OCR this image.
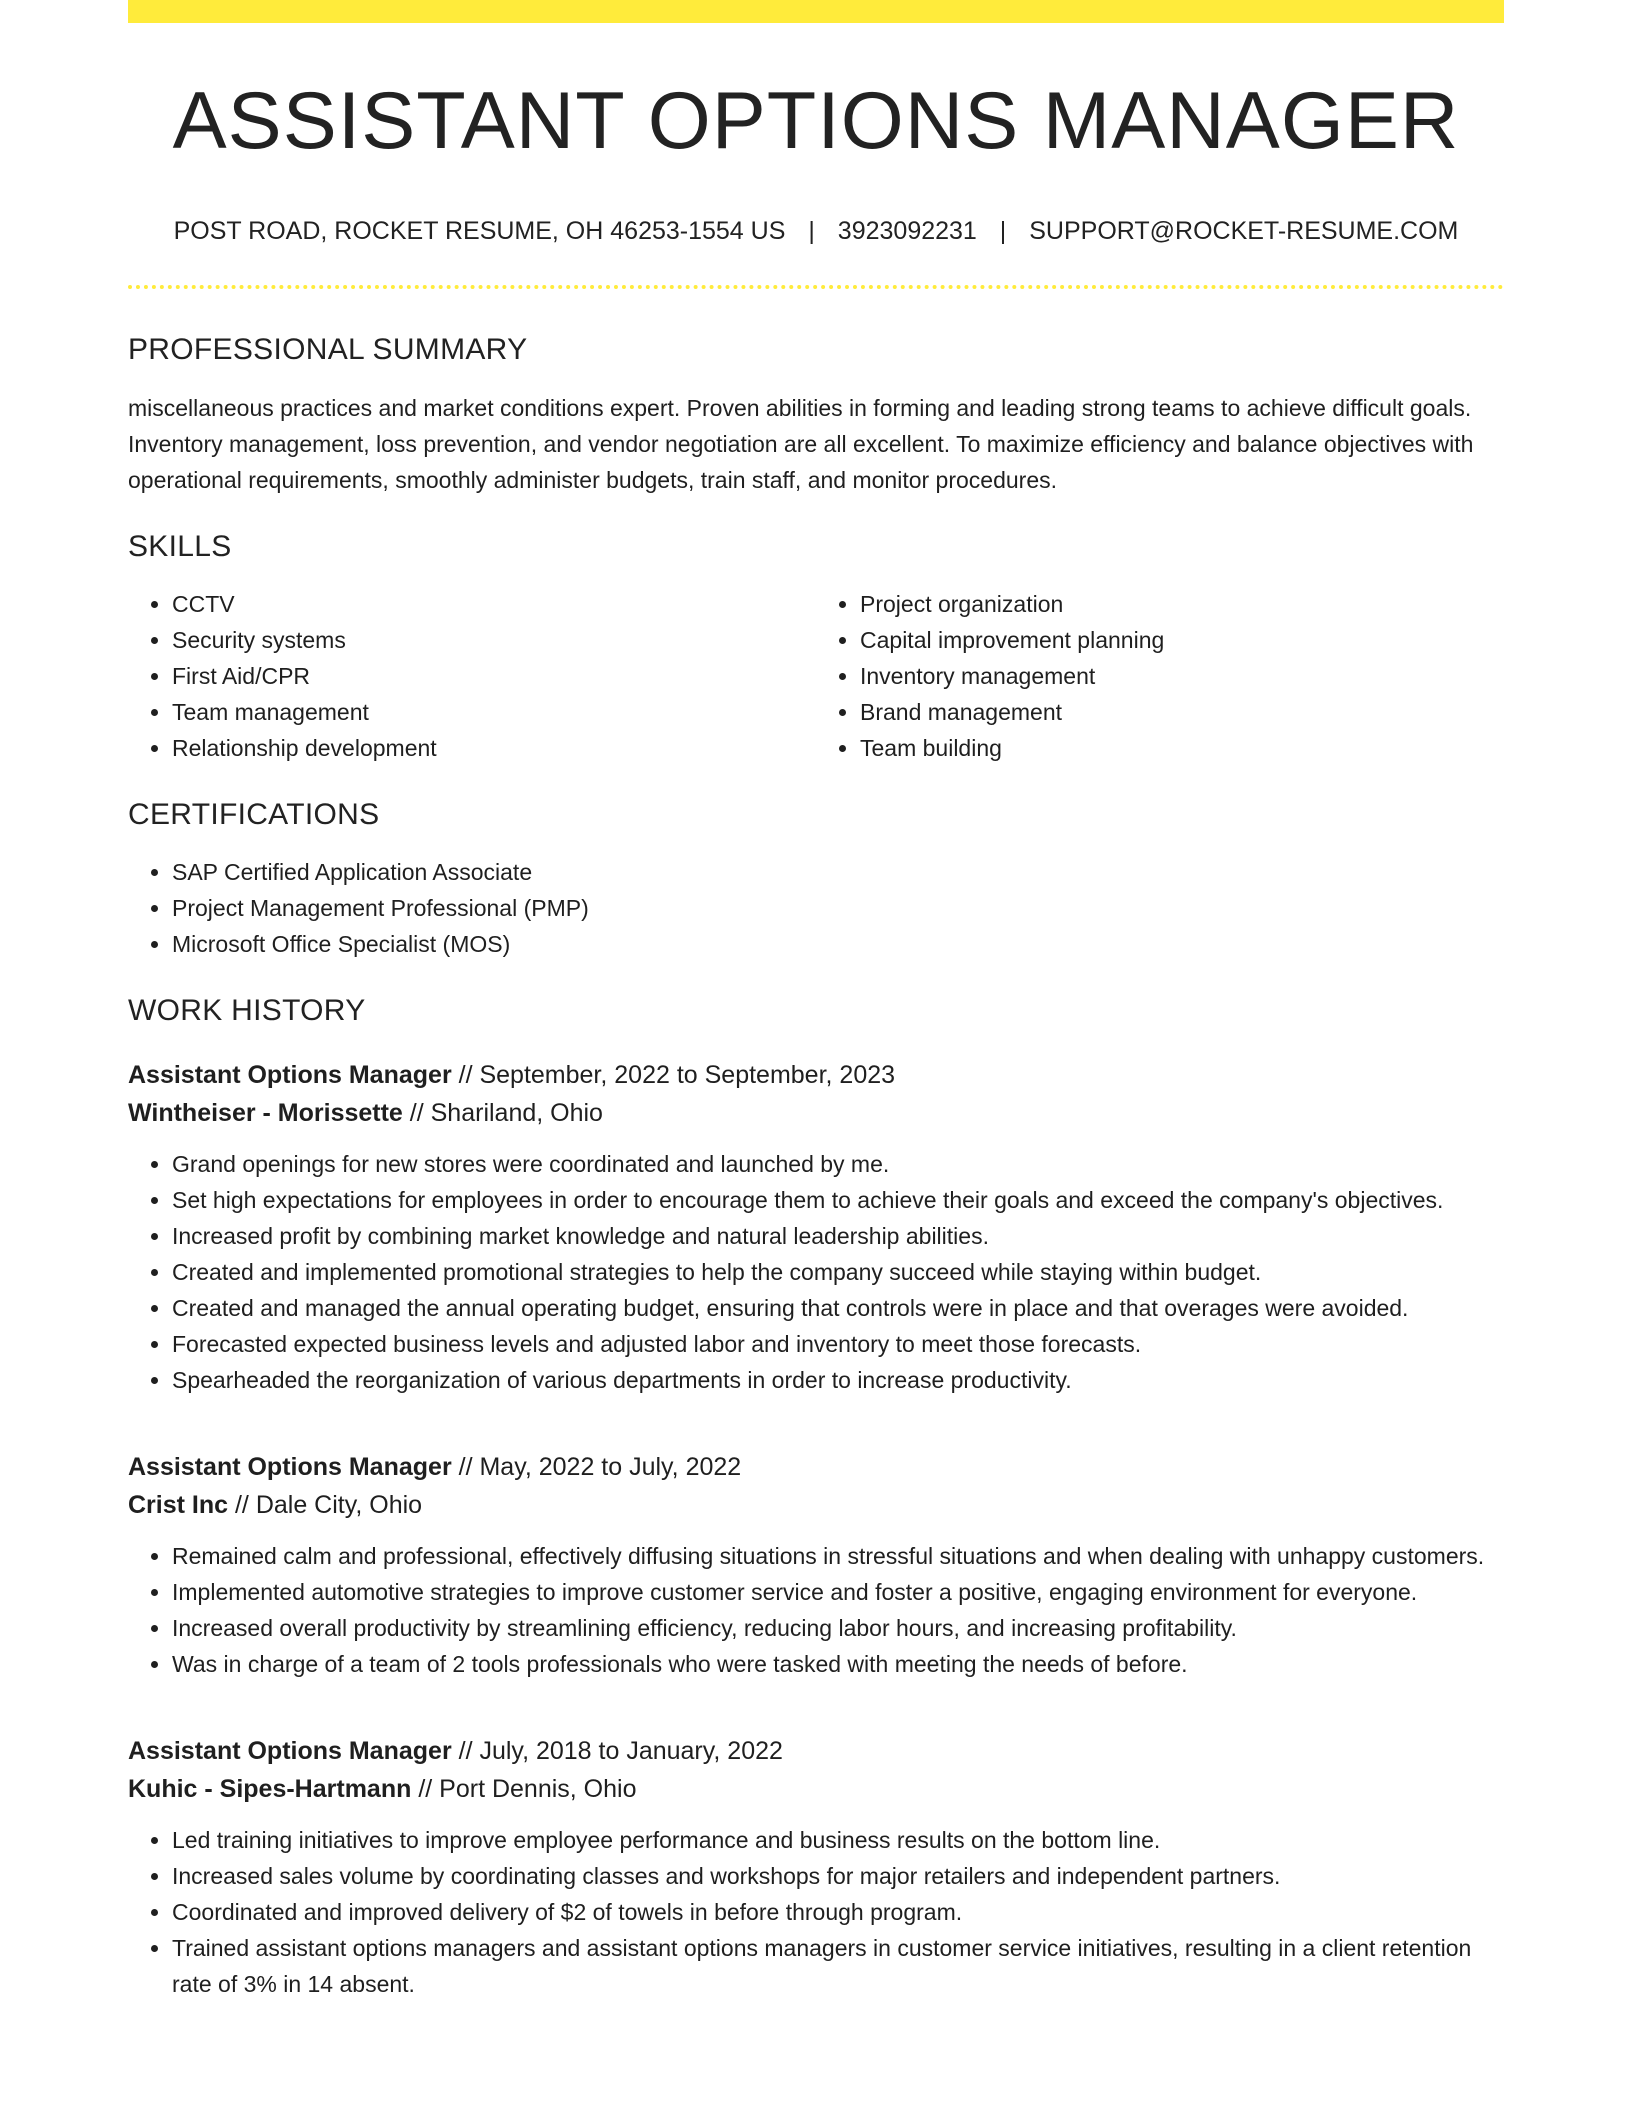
ASSISTANT OPTIONS MANAGER
POST ROAD, ROCKET RESUME, OH 46253-1554 US | 3923092231 | SUPPORT@ROCKET-RESUME.COM
PROFESSIONAL SUMMARY
miscellaneous practices and market conditions expert. Proven abilities in forming and leading strong teams to achieve difficult goals. Inventory management, loss prevention, and vendor negotiation are all excellent. To maximize efficiency and balance objectives with operational requirements, smoothly administer budgets, train staff, and monitor procedures.
SKILLS
• CCTV
• Security systems
• First Aid/CPR
• Team management
• Relationship development
• Project organization
• Capital improvement planning
• Inventory management
• Brand management
• Team building
CERTIFICATIONS
• SAP Certified Application Associate
• Project Management Professional (PMP)
• Microsoft Office Specialist (MOS)
WORK HISTORY
Assistant Options Manager // September, 2022 to September, 2023
Wintheiser - Morissette // Shariland, Ohio
• Grand openings for new stores were coordinated and launched by me.
• Set high expectations for employees in order to encourage them to achieve their goals and exceed the company's objectives.
• Increased profit by combining market knowledge and natural leadership abilities.
• Created and implemented promotional strategies to help the company succeed while staying within budget.
• Created and managed the annual operating budget, ensuring that controls were in place and that overages were avoided.
• Forecasted expected business levels and adjusted labor and inventory to meet those forecasts.
• Spearheaded the reorganization of various departments in order to increase productivity.
Assistant Options Manager // May, 2022 to July, 2022
Crist Inc // Dale City, Ohio
• Remained calm and professional, effectively diffusing situations in stressful situations and when dealing with unhappy customers.
• Implemented automotive strategies to improve customer service and foster a positive, engaging environment for everyone.
• Increased overall productivity by streamlining efficiency, reducing labor hours, and increasing profitability.
• Was in charge of a team of 2 tools professionals who were tasked with meeting the needs of before.
Assistant Options Manager // July, 2018 to January, 2022
Kuhic - Sipes-Hartmann // Port Dennis, Ohio
• Led training initiatives to improve employee performance and business results on the bottom line.
• Increased sales volume by coordinating classes and workshops for major retailers and independent partners.
• Coordinated and improved delivery of $2 of towels in before through program.
• Trained assistant options managers and assistant options managers in customer service initiatives, resulting in a client retention rate of 3% in 14 absent.
